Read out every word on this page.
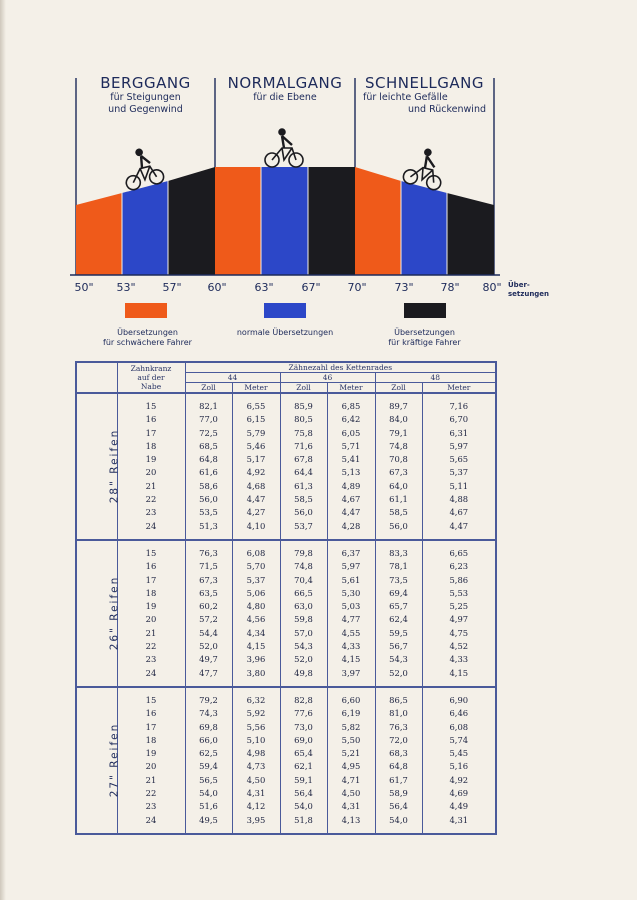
BERGGANG
für Steigungen
und Gegenwind
NORMALGANG
für die Ebene
SCHNELLGANG
für leichte Gefälle
und Rückenwind
50" 53" 57" 60"	63"	67" 70"	73" 78" 80" Über-
setzungen
Übersetzungen
für schwächere Fahrer
normale Übersetzungen	Übersetzungen
für kräftige Fahrer

	Zahnkranz
auf der
Nabe	Zähnezahl des Kettenrades					
		44		46		48	
		Zoll	Meter	Zoll	Meter	Zoll	Meter
28" Reifen							
	15	82,1	6,55	85,9	6,85	89,7	7,16
	16	77,0	6,15	80,5	6,42	84,0	6,70
	17	72,5	5,79	75,8	6,05	79,1	6,31
	18	68,5	5,46	71,6	5,71	74,8	5,97
	19	64,8	5,17	67,8	5,41	70,8	5,65
	20	61,6	4,92	64,4	5,13	67,3	5,37
	21	58,6	4,68	61,3	4,89	64,0	5,11
	22	56,0	4,47	58,5	4,67	61,1	4,88
	23	53,5	4,27	56,0	4,47	58,5	4,67
	24	51,3	4,10	53,7	4,28	56,0	4,47

26" Reifen							
	15	76,3	6,08	79,8	6,37	83,3	6,65
	16	71,5	5,70	74,8	5,97	78,1	6,23
	17	67,3	5,37	70,4	5,61	73,5	5,86
	18	63,5	5,06	66,5	5,30	69,4	5,53
	19	60,2	4,80	63,0	5,03	65,7	5,25
	20	57,2	4,56	59,8	4,77	62,4	4,97
	21	54,4	4,34	57,0	4,55	59,5	4,75
	22	52,0	4,15	54,3	4,33	56,7	4,52
	23	49,7	3,96	52,0	4,15	54,3	4,33
	24	47,7	3,80	49,8	3,97	52,0	4,15

27" Reifen							
	15	79,2	6,32	82,8	6,60	86,5	6,90
	16	74,3	5,92	77,6	6,19	81,0	6,46
	17	69,8	5,56	73,0	5,82	76,3	6,08
	18	66,0	5,10	69,0	5,50	72,0	5,74
	19	62,5	4,98	65,4	5,21	68,3	5,45
	20	59,4	4,73	62,1	4,95	64,8	5,16
	21	56,5	4,50	59,1	4,71	61,7	4,92
	22	54,0	4,31	56,4	4,50	58,9	4,69
	23	51,6	4,12	54,0	4,31	56,4	4,49
	24	49,5	3,95	51,8	4,13	54,0	4,31
